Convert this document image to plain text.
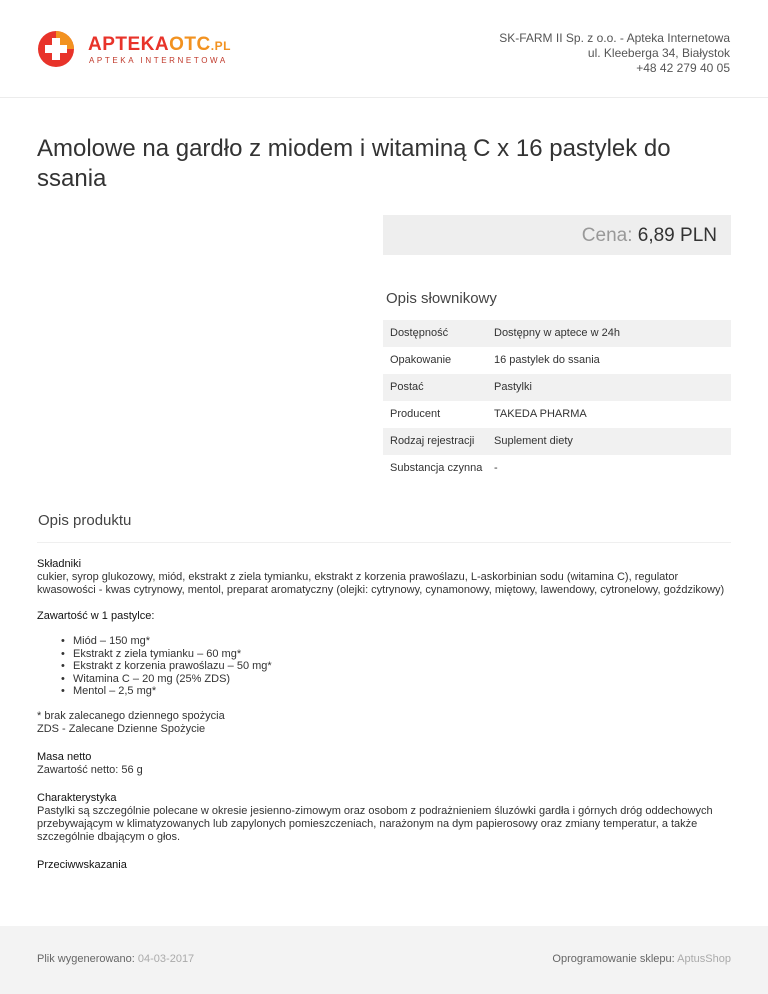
APTEKAOTC.PL
APTEKA INTERNETOWA
SK-FARM II Sp. z o.o. - Apteka Internetowa
ul. Kleeberga 34, Białystok
+48 42 279 40 05
Amolowe na gardło z miodem i witaminą C x 16 pastylek do ssania
Cena: 6,89 PLN
Opis słownikowy
Dostępność	Dostępny w aptece w 24h
Opakowanie	16 pastylek do ssania
Postać	Pastylki
Producent	TAKEDA PHARMA
Rodzaj rejestracji	Suplement diety
Substancja czynna	-
Opis produktu

Składniki

cukier, syrop glukozowy, miód, ekstrakt z ziela tymianku, ekstrakt z korzenia prawoślazu, L-askorbinian sodu (witamina C), regulator kwasowości - kwas cytrynowy, mentol, preparat aromatyczny (olejki: cytrynowy, cynamonowy, miętowy, lawendowy, cytronelowy, goździkowy)

Zawartość w 1 pastylce:

• Miód – 150 mg*
• Ekstrakt z ziela tymianku – 60 mg*
• Ekstrakt z korzenia prawoślazu – 50 mg*
• Witamina C – 20 mg (25% ZDS)
• Mentol – 2,5 mg*

* brak zalecanego dziennego spożycia

ZDS - Zalecane Dzienne Spożycie

Masa netto

Zawartość netto: 56 g

Charakterystyka

Pastylki są szczególnie polecane w okresie jesienno-zimowym oraz osobom z podrażnieniem śluzówki gardła i górnych dróg oddechowych przebywającym w klimatyzowanych lub zapylonych pomieszczeniach, narażonym na dym papierosowy oraz zmiany temperatur, a także szczególnie dbającym o głos.

Przeciwwskazania

Plik wygenerowano: 04-03-2017	Oprogramowanie sklepu: AptusShop
